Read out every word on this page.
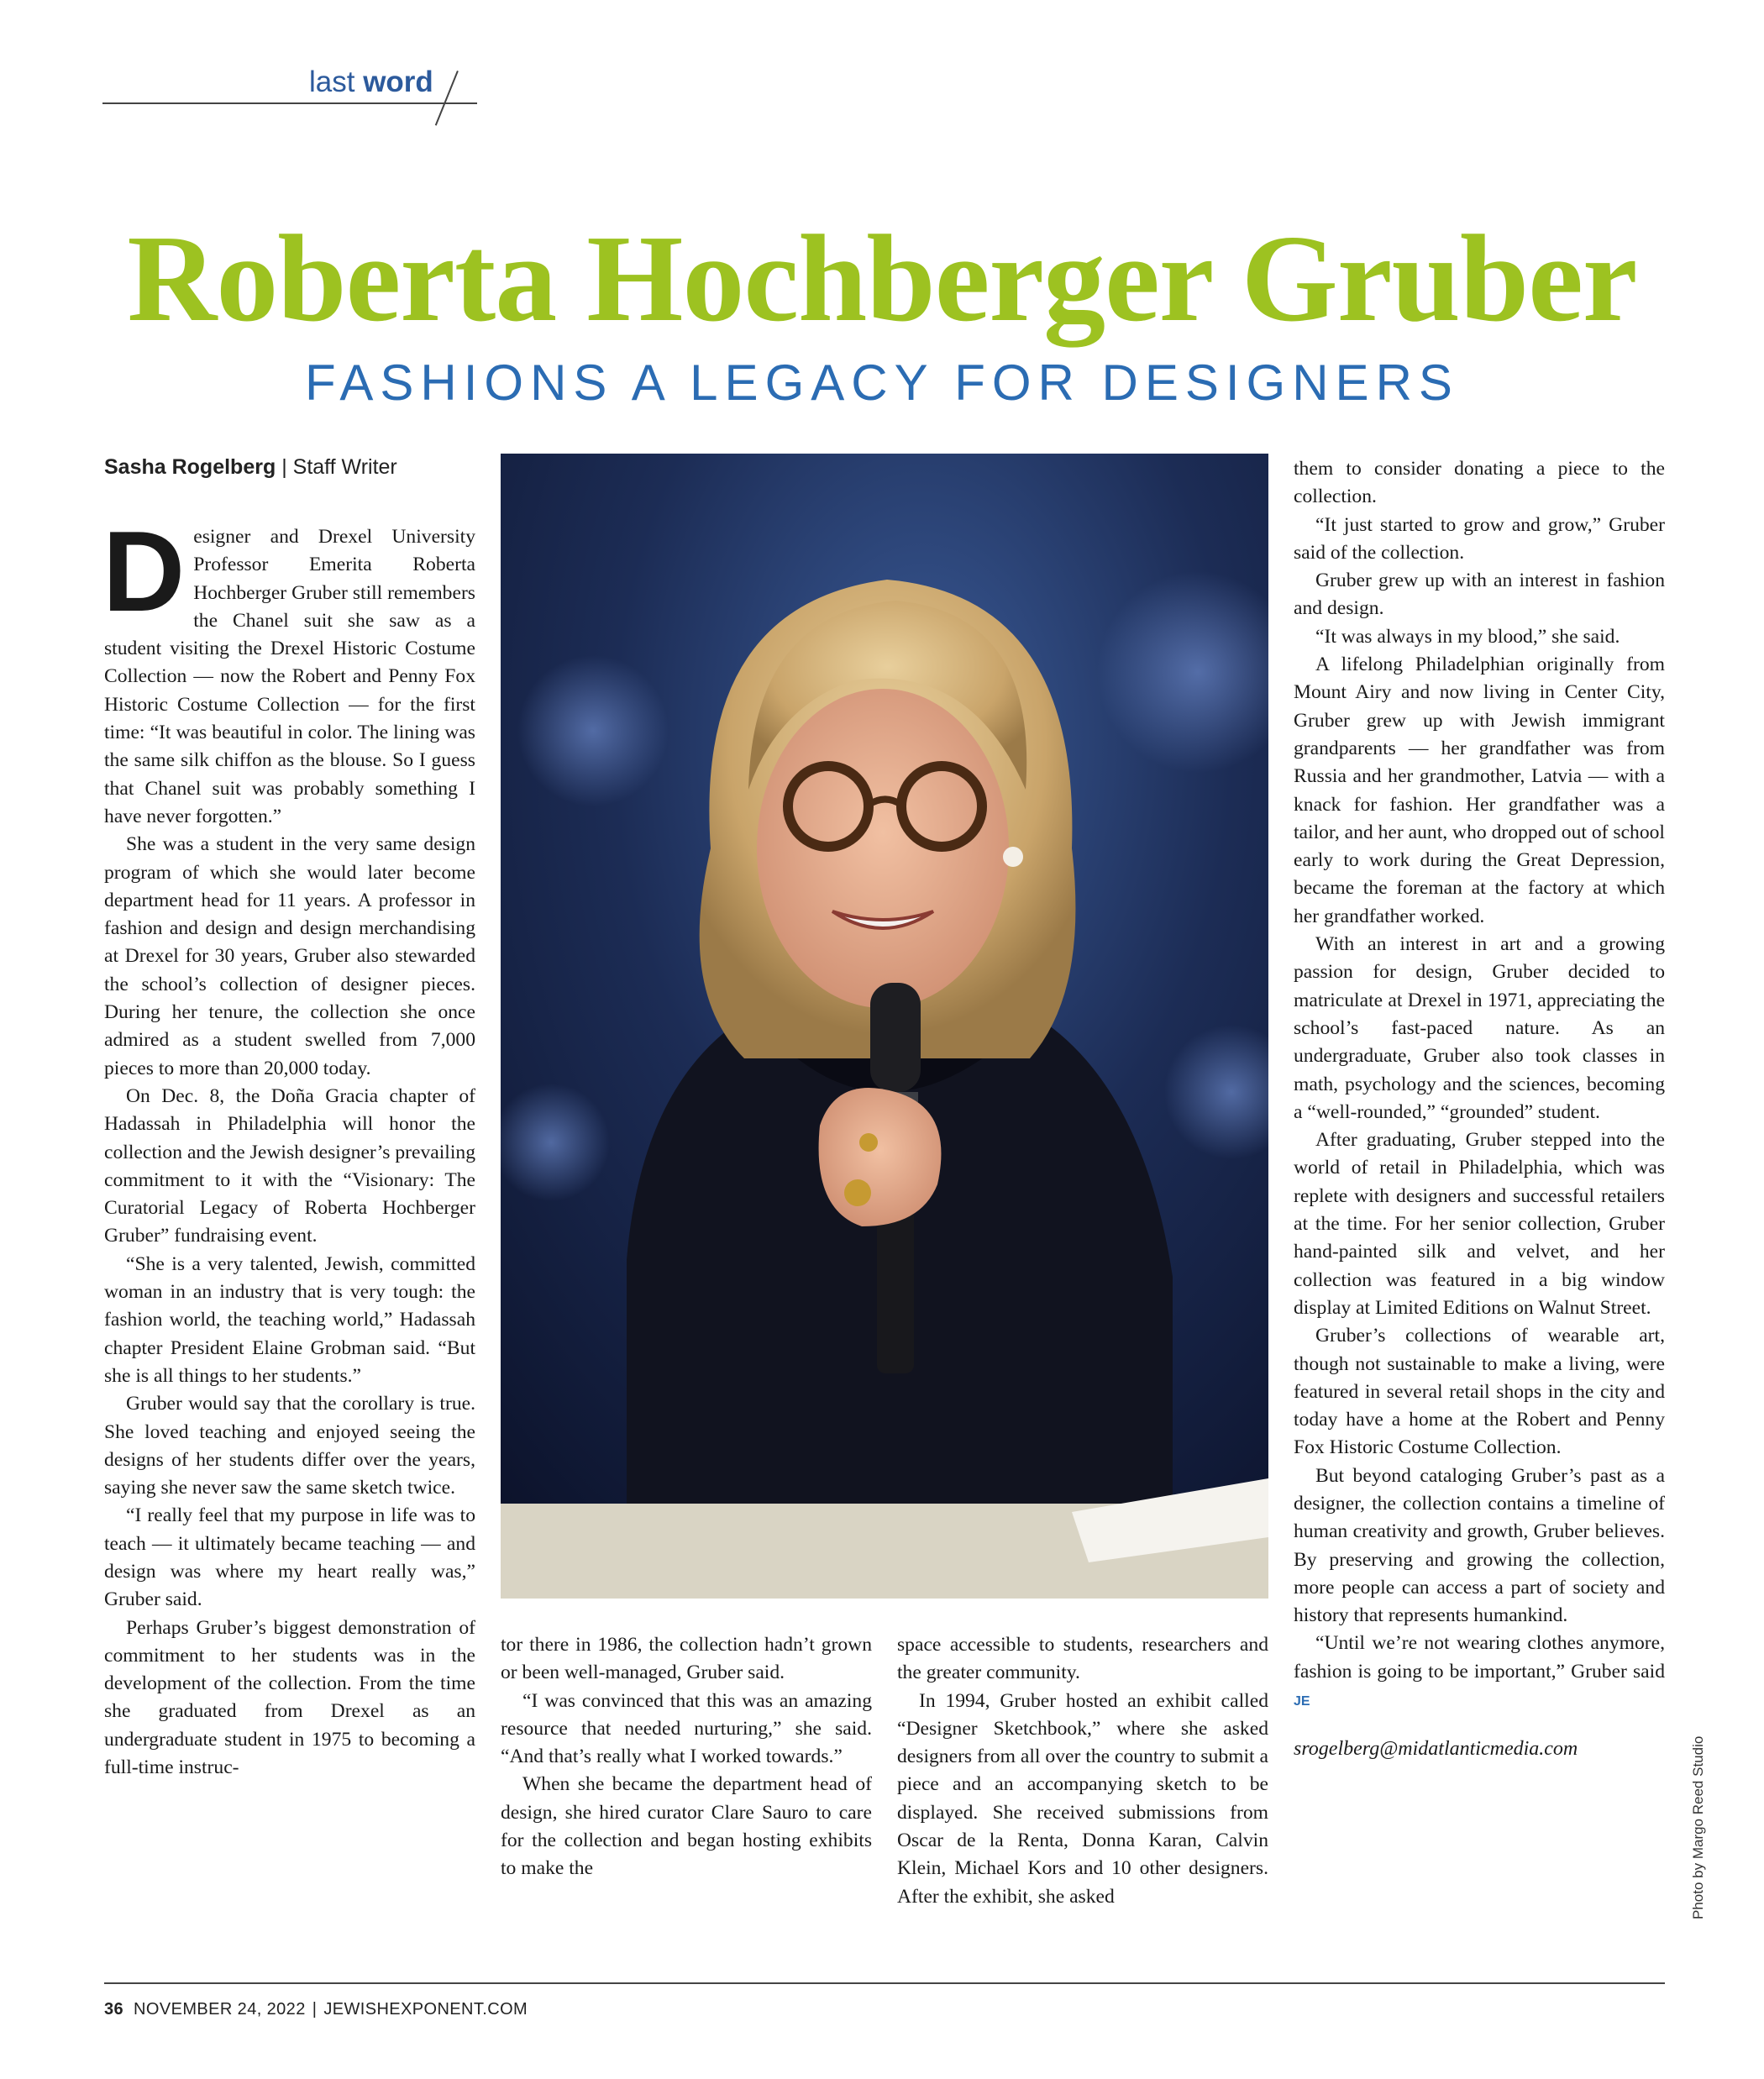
last word
Roberta Hochberger Gruber
FASHIONS A LEGACY FOR DESIGNERS
Sasha Rogelberg | Staff Writer

Designer and Drexel University Professor Emerita Roberta Hochberger Gruber still remembers the Chanel suit she saw as a student visiting the Drexel Historic Costume Collection — now the Robert and Penny Fox Historic Costume Collection — for the first time: “It was beautiful in color. The lining was the same silk chiffon as the blouse. So I guess that Chanel suit was probably something I have never forgotten.”

She was a student in the very same design program of which she would later become department head for 11 years. A professor in fashion and design and design merchandising at Drexel for 30 years, Gruber also stewarded the school’s collection of designer pieces. During her tenure, the collection she once admired as a student swelled from 7,000 pieces to more than 20,000 today.

On Dec. 8, the Doña Gracia chapter of Hadassah in Philadelphia will honor the collection and the Jewish designer’s prevailing commitment to it with the “Visionary: The Curatorial Legacy of Roberta Hochberger Gruber” fundraising event.

“She is a very talented, Jewish, committed woman in an industry that is very tough: the fashion world, the teaching world,” Hadassah chapter President Elaine Grobman said. “But she is all things to her students.”

Gruber would say that the corollary is true. She loved teaching and enjoyed seeing the designs of her students differ over the years, saying she never saw the same sketch twice.

“I really feel that my purpose in life was to teach — it ultimately became teaching — and design was where my heart really was,” Gruber said.

Perhaps Gruber’s biggest demonstration of commitment to her students was in the development of the collection. From the time she graduated from Drexel as an undergraduate student in 1975 to becoming a full-time instruc-

tor there in 1986, the collection hadn’t grown or been well-managed, Gruber said.

“I was convinced that this was an amazing resource that needed nurturing,” she said. “And that’s really what I worked towards.”

When she became the department head of design, she hired curator Clare Sauro to care for the collection and began hosting exhibits to make the

space accessible to students, researchers and the greater community.

In 1994, Gruber hosted an exhibit called “Designer Sketchbook,” where she asked designers from all over the country to submit a piece and an accompanying sketch to be displayed. She received submissions from Oscar de la Renta, Donna Karan, Calvin Klein, Michael Kors and 10 other designers. After the exhibit, she asked

them to consider donating a piece to the collection.

“It just started to grow and grow,” Gruber said of the collection.

Gruber grew up with an interest in fashion and design.

“It was always in my blood,” she said.

A lifelong Philadelphian originally from Mount Airy and now living in Center City, Gruber grew up with Jewish immigrant grandparents — her grandfather was from Russia and her grandmother, Latvia — with a knack for fashion. Her grandfather was a tailor, and her aunt, who dropped out of school early to work during the Great Depression, became the foreman at the factory at which her grandfather worked.

With an interest in art and a growing passion for design, Gruber decided to matriculate at Drexel in 1971, appreciating the school’s fast-paced nature. As an undergraduate, Gruber also took classes in math, psychology and the sciences, becoming a “well-rounded,” “grounded” student.

After graduating, Gruber stepped into the world of retail in Philadelphia, which was replete with designers and successful retailers at the time. For her senior collection, Gruber hand-painted silk and velvet, and her collection was featured in a big window display at Limited Editions on Walnut Street.

Gruber’s collections of wearable art, though not sustainable to make a living, were featured in several retail shops in the city and today have a home at the Robert and Penny Fox Historic Costume Collection.

But beyond cataloging Gruber’s past as a designer, the collection contains a timeline of human creativity and growth, Gruber believes. By preserving and growing the collection, more people can access a part of society and history that represents humankind.

“Until we’re not wearing clothes anymore, fashion is going to be important,” Gruber said JE

srogelberg@midatlanticmedia.com	Photo by Margo Reed Studio
36 NOVEMBER 24, 2022 | JEWISHEXPONENT.COM
